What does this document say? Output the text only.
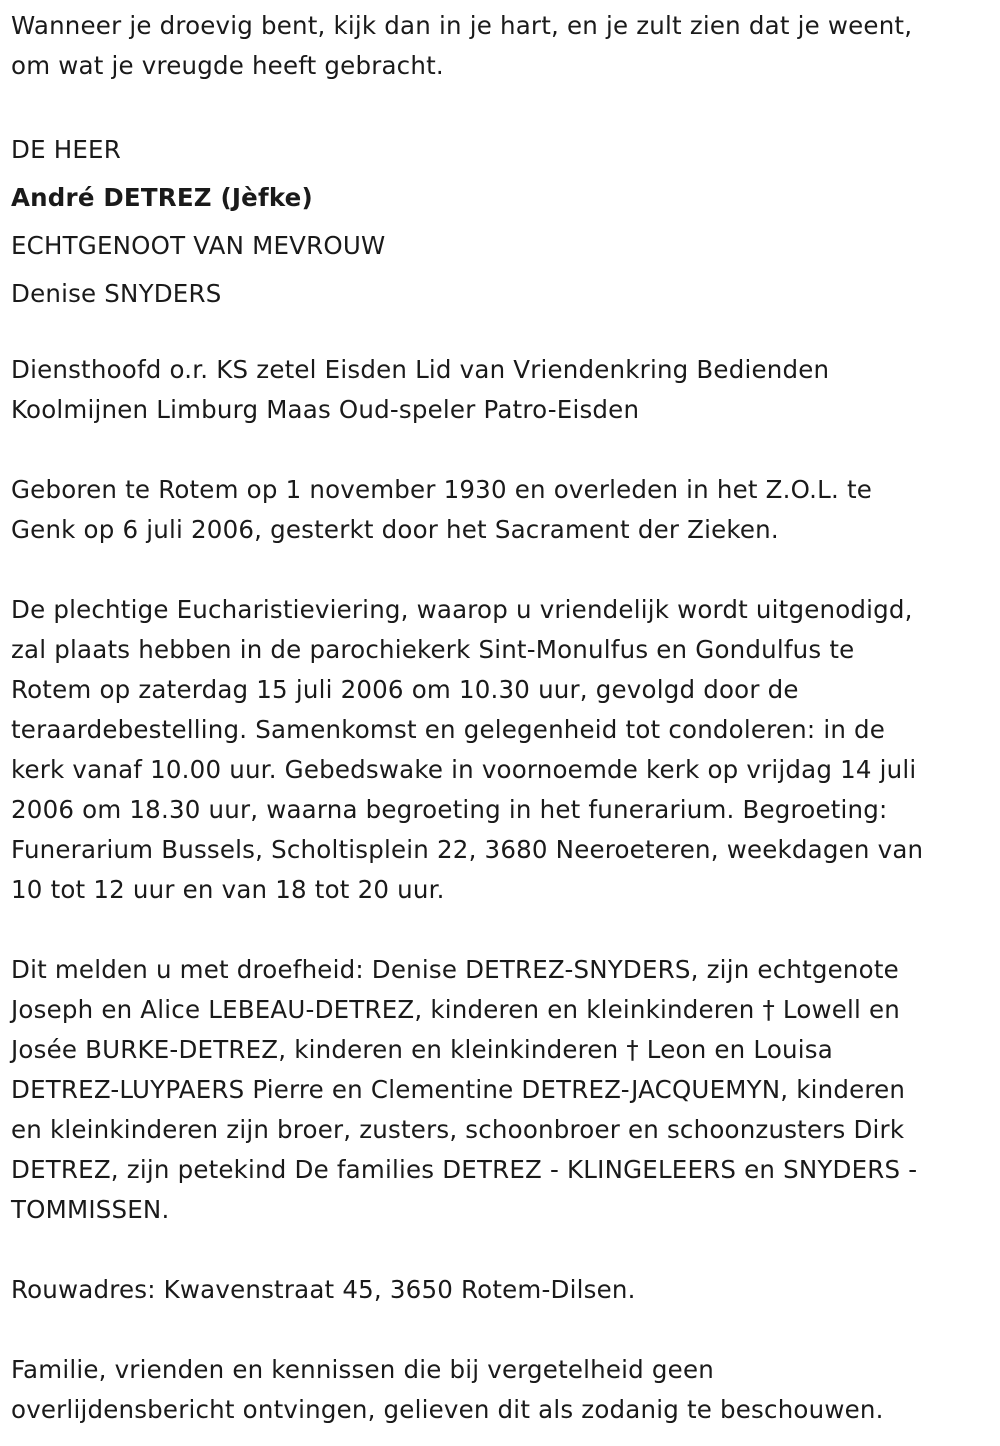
Wanneer je droevig bent, kijk dan in je hart, en je zult zien dat je weent,
om wat je vreugde heeft gebracht.

DE HEER

André DETREZ (Jèfke)

ECHTGENOOT VAN MEVROUW

Denise SNYDERS

Diensthoofd o.r. KS zetel Eisden Lid van Vriendenkring Bedienden
Koolmijnen Limburg Maas Oud-speler Patro-Eisden

Geboren te Rotem op 1 november 1930 en overleden in het Z.O.L. te
Genk op 6 juli 2006, gesterkt door het Sacrament der Zieken.

De plechtige Eucharistieviering, waarop u vriendelijk wordt uitgenodigd,
zal plaats hebben in de parochiekerk Sint-Monulfus en Gondulfus te
Rotem op zaterdag 15 juli 2006 om 10.30 uur, gevolgd door de
teraardebestelling. Samenkomst en gelegenheid tot condoleren: in de
kerk vanaf 10.00 uur. Gebedswake in voornoemde kerk op vrijdag 14 juli
2006 om 18.30 uur, waarna begroeting in het funerarium. Begroeting:
Funerarium Bussels, Scholtisplein 22, 3680 Neeroeteren, weekdagen van
10 tot 12 uur en van 18 tot 20 uur.

Dit melden u met droefheid: Denise DETREZ-SNYDERS, zijn echtgenote
Joseph en Alice LEBEAU-DETREZ, kinderen en kleinkinderen † Lowell en
Josée BURKE-DETREZ, kinderen en kleinkinderen † Leon en Louisa
DETREZ-LUYPAERS Pierre en Clementine DETREZ-JACQUEMYN, kinderen
en kleinkinderen zijn broer, zusters, schoonbroer en schoonzusters Dirk
DETREZ, zijn petekind De families DETREZ - KLINGELEERS en SNYDERS -
TOMMISSEN.

Rouwadres: Kwavenstraat 45, 3650 Rotem-Dilsen.

Familie, vrienden en kennissen die bij vergetelheid geen
overlijdensbericht ontvingen, gelieven dit als zodanig te beschouwen.
